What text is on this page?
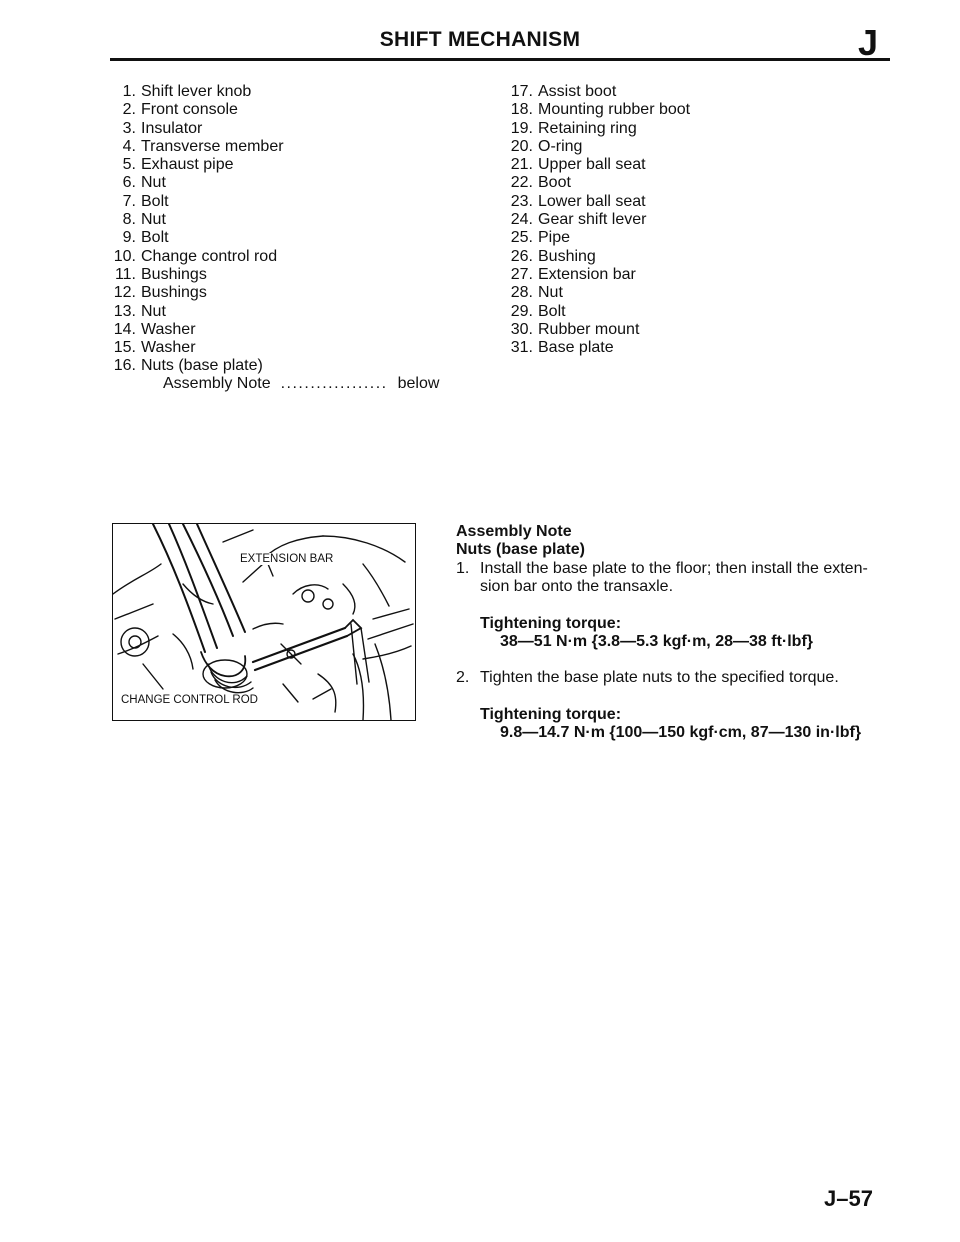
SHIFT MECHANISM	J
1. Shift lever knob
2. Front console
3. Insulator
4. Transverse member
5. Exhaust pipe
6. Nut
7. Bolt
8. Nut
9. Bolt
10. Change control rod
11. Bushings
12. Bushings
13. Nut
14. Washer
15. Washer
16. Nuts (base plate)
17. Assist boot
18. Mounting rubber boot
19. Retaining ring
20. O-ring
21. Upper ball seat
22. Boot
23. Lower ball seat
24. Gear shift lever
25. Pipe
26. Bushing
27. Extension bar
28. Nut
29. Bolt
30. Rubber mount
31. Base plate
Assembly Note .................. below
EXTENSION BAR
CHANGE CONTROL ROD
Assembly Note
Nuts (base plate)
1. Install the base plate to the floor; then install the exten-sion bar onto the transaxle.
Tightening torque:
38—51 N·m {3.8—5.3 kgf·m, 28—38 ft·lbf}
2. Tighten the base plate nuts to the specified torque.
Tightening torque:
9.8—14.7 N·m {100—150 kgf·cm, 87—130 in·lbf}
J–57
